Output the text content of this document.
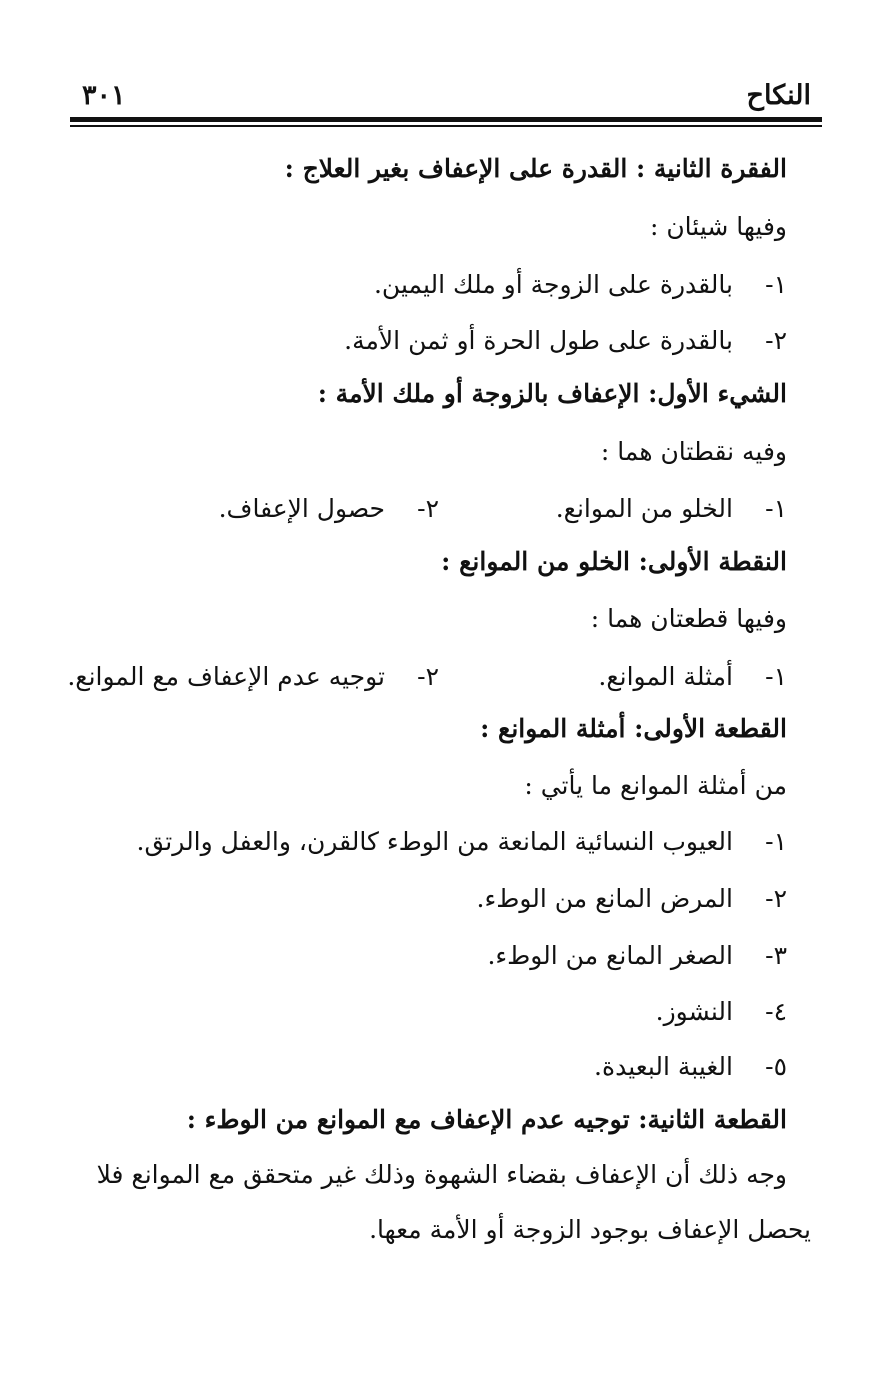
النكاح
٣٠١
الفقرة الثانية : القدرة على الإعفاف بغير العلاج :
وفيها شيئان :
١-بالقدرة على الزوجة أو ملك اليمين.
٢-بالقدرة على طول الحرة أو ثمن الأمة.
الشيء الأول: الإعفاف بالزوجة أو ملك الأمة :
وفيه نقطتان هما :
١-الخلو من الموانع.
٢-حصول الإعفاف.
النقطة الأولى: الخلو من الموانع :
وفيها قطعتان هما :
١-أمثلة الموانع.
٢-توجيه عدم الإعفاف مع الموانع.
القطعة الأولى: أمثلة الموانع :
من أمثلة الموانع ما يأتي :
١-العيوب النسائية المانعة من الوطء كالقرن، والعفل والرتق.
٢-المرض المانع من الوطء.
٣-الصغر المانع من الوطء.
٤-النشوز.
٥-الغيبة البعيدة.
القطعة الثانية: توجيه عدم الإعفاف مع الموانع من الوطء :
وجه ذلك أن الإعفاف بقضاء الشهوة وذلك غير متحقق مع الموانع فلا
يحصل الإعفاف بوجود الزوجة أو الأمة معها.
